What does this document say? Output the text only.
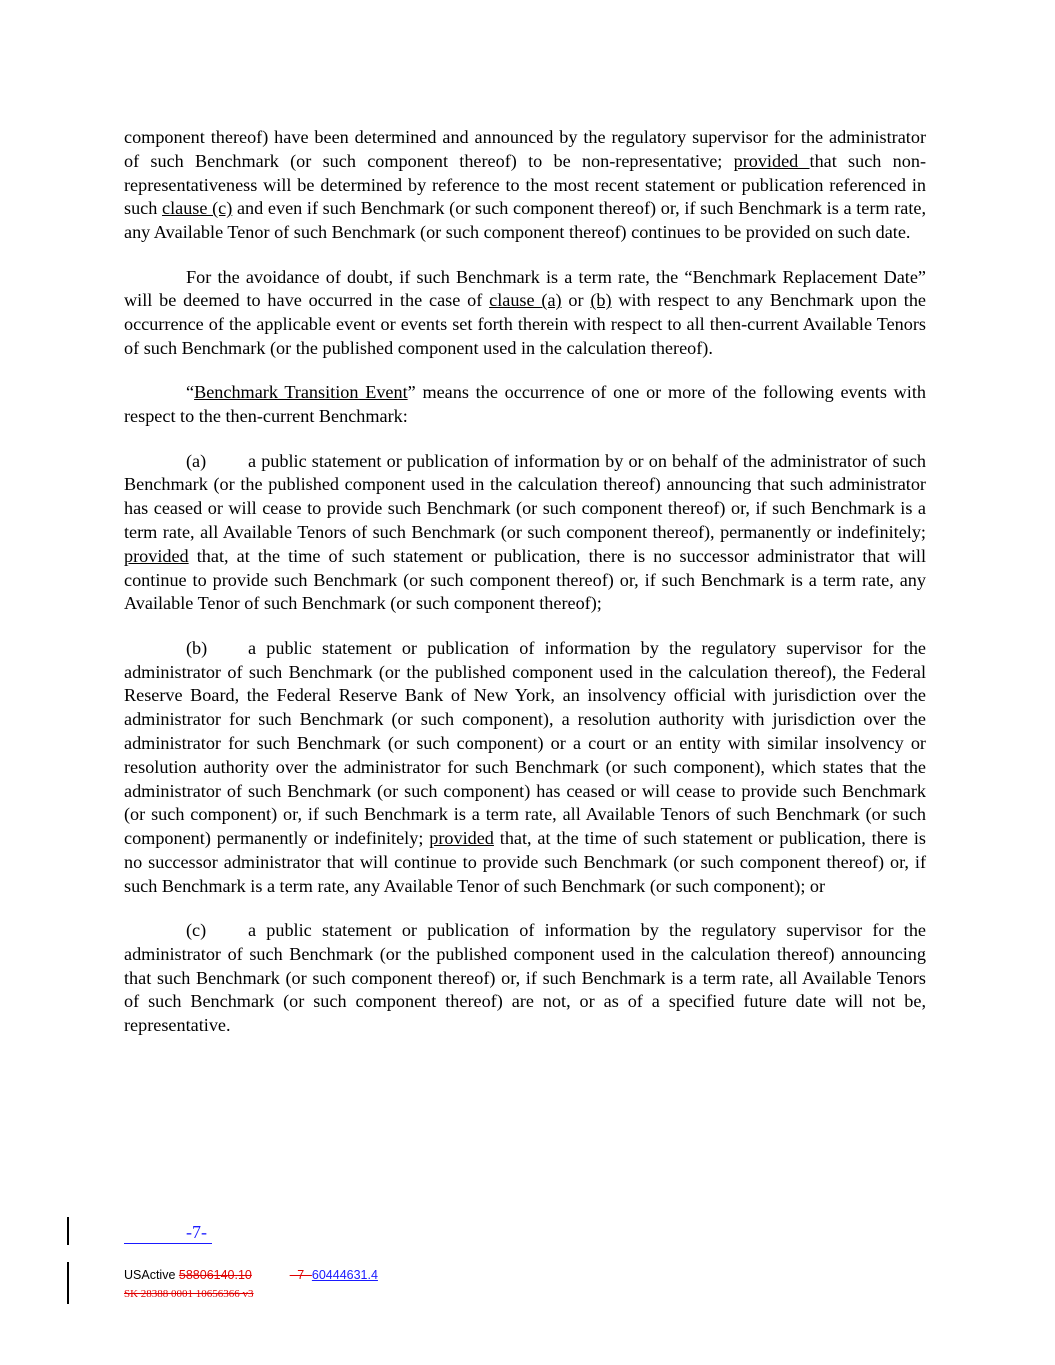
component thereof) have been determined and announced by the regulatory supervisor for the administrator of such Benchmark (or such component thereof) to be non-representative; provided that such non-representativeness will be determined by reference to the most recent statement or publication referenced in such clause (c) and even if such Benchmark (or such component thereof) or, if such Benchmark is a term rate, any Available Tenor of such Benchmark (or such component thereof) continues to be provided on such date.

For the avoidance of doubt, if such Benchmark is a term rate, the “Benchmark Replacement Date” will be deemed to have occurred in the case of clause (a) or (b) with respect to any Benchmark upon the occurrence of the applicable event or events set forth therein with respect to all then-current Available Tenors of such Benchmark (or the published component used in the calculation thereof).

“Benchmark Transition Event” means the occurrence of one or more of the following events with respect to the then-current Benchmark:

(a) a public statement or publication of information by or on behalf of the administrator of such Benchmark (or the published component used in the calculation thereof) announcing that such administrator has ceased or will cease to provide such Benchmark (or such component thereof) or, if such Benchmark is a term rate, all Available Tenors of such Benchmark (or such component thereof), permanently or indefinitely; provided that, at the time of such statement or publication, there is no successor administrator that will continue to provide such Benchmark (or such component thereof) or, if such Benchmark is a term rate, any Available Tenor of such Benchmark (or such component thereof);

(b) a public statement or publication of information by the regulatory supervisor for the administrator of such Benchmark (or the published component used in the calculation thereof), the Federal Reserve Board, the Federal Reserve Bank of New York, an insolvency official with jurisdiction over the administrator for such Benchmark (or such component), a resolution authority with jurisdiction over the administrator for such Benchmark (or such component) or a court or an entity with similar insolvency or resolution authority over the administrator for such Benchmark (or such component), which states that the administrator of such Benchmark (or such component) has ceased or will cease to provide such Benchmark (or such component) or, if such Benchmark is a term rate, all Available Tenors of such Benchmark (or such component) permanently or indefinitely; provided that, at the time of such statement or publication, there is no successor administrator that will continue to provide such Benchmark (or such component thereof) or, if such Benchmark is a term rate, any Available Tenor of such Benchmark (or such component); or

(c) a public statement or publication of information by the regulatory supervisor for the administrator of such Benchmark (or the published component used in the calculation thereof) announcing that such Benchmark (or such component thereof) or, if such Benchmark is a term rate, all Available Tenors of such Benchmark (or such component thereof) are not, or as of a specified future date will not be, representative.

-7-
USActive 58806140.10	- 7 -60444631.4
SK 28388 0001 10656366 v3
